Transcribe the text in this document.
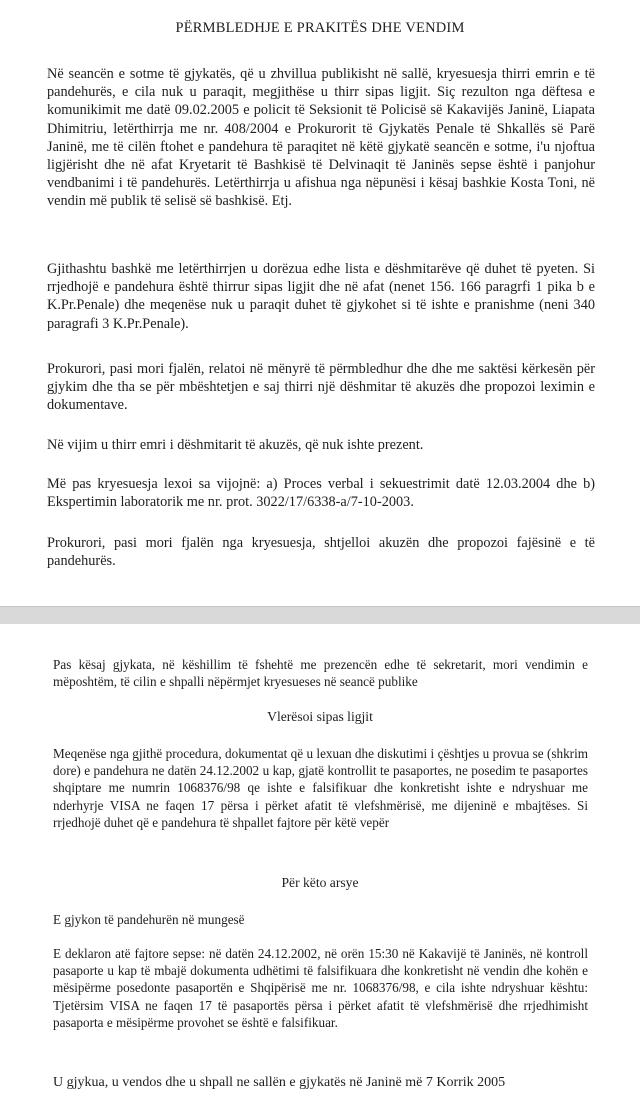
PËRMBLEDHJE E PRAKITËS DHE VENDIM

Në seancën e sotme të gjykatës, që u zhvillua publikisht në sallë, kryesuesja thirri emrin e të pandehurës, e cila nuk u paraqit, megjithëse u thirr sipas ligjit. Siç rezulton nga dëftesa e komunikimit me datë 09.02.2005 e policit të Seksionit të Policisë së Kakavijës Janinë, Liapata Dhimitriu, letërthirrja me nr. 408/2004 e Prokurorit të Gjykatës Penale të Shkallës së Parë Janinë, me të cilën ftohet e pandehura të paraqitet në këtë gjykatë seancën e sotme, i'u njoftua ligjërisht dhe në afat Kryetarit të Bashkisë të Delvinaqit të Janinës sepse është i panjohur vendbanimi i të pandehurës. Letërthirrja u afishua nga nëpunësi i kësaj bashkie Kosta Toni, në vendin më publik të selisë së bashkisë. Etj.

Gjithashtu bashkë me letërthirrjen u dorëzua edhe lista e dëshmitarëve që duhet të pyeten. Si rrjedhojë e pandehura është thirrur sipas ligjit dhe në afat (nenet 156. 166 paragrfi 1 pika b e K.Pr.Penale) dhe meqenëse nuk u paraqit duhet të gjykohet si të ishte e pranishme (neni 340 paragrafi 3 K.Pr.Penale).

Prokurori, pasi mori fjalën, relatoi në mënyrë të përmbledhur dhe dhe me saktësi kërkesën për gjykim dhe tha se për mbështetjen e saj thirri një dëshmitar të akuzës dhe propozoi leximin e dokumentave.

Në vijim u thirr emri i dëshmitarit të akuzës, që nuk ishte prezent.

Më pas kryesuesja lexoi sa vijojnë: a) Proces verbal i sekuestrimit datë 12.03.2004 dhe b) Ekspertimin laboratorik me nr. prot. 3022/17/6338-a/7-10-2003.

Prokurori, pasi mori fjalën nga kryesuesja, shtjelloi akuzën dhe propozoi fajësinë e të pandehurës.

Pas kësaj gjykata, në këshillim të fshehtë me prezencën edhe të sekretarit, mori vendimin e mëposhtëm, të cilin e shpalli nëpërmjet kryesueses në seancë publike

Vlerësoi sipas ligjit

Meqenëse nga gjithë procedura, dokumentat që u lexuan dhe diskutimi i çështjes u provua se (shkrim dore) e pandehura ne datën 24.12.2002 u kap, gjatë kontrollit te pasaportes, ne posedim te pasaportes shqiptare me numrin 1068376/98 qe ishte e falsifikuar dhe konkretisht ishte e ndryshuar me nderhyrje VISA ne faqen 17 përsa i përket afatit të vlefshmërisë, me dijeninë e mbajtëses. Si rrjedhojë duhet që e pandehura të shpallet fajtore për këtë vepër

Për këto arsye

E gjykon të pandehurën në mungesë

E deklaron atë fajtore sepse: në datën 24.12.2002, në orën 15:30 në Kakavijë të Janinës, në kontroll pasaporte u kap të mbajë dokumenta udhëtimi të falsifikuara dhe konkretisht në vendin dhe kohën e mësipërme posedonte pasaportën e Shqipërisë me nr. 1068376/98, e cila ishte ndryshuar kështu: Tjetërsim VISA ne faqen 17 të pasaportës përsa i përket afatit të vlefshmërisë dhe rrjedhimisht pasaporta e mësipërme provohet se është e falsifikuar.

U gjykua, u vendos dhe u shpall ne sallën e gjykatës në Janinë më 7 Korrik 2005
